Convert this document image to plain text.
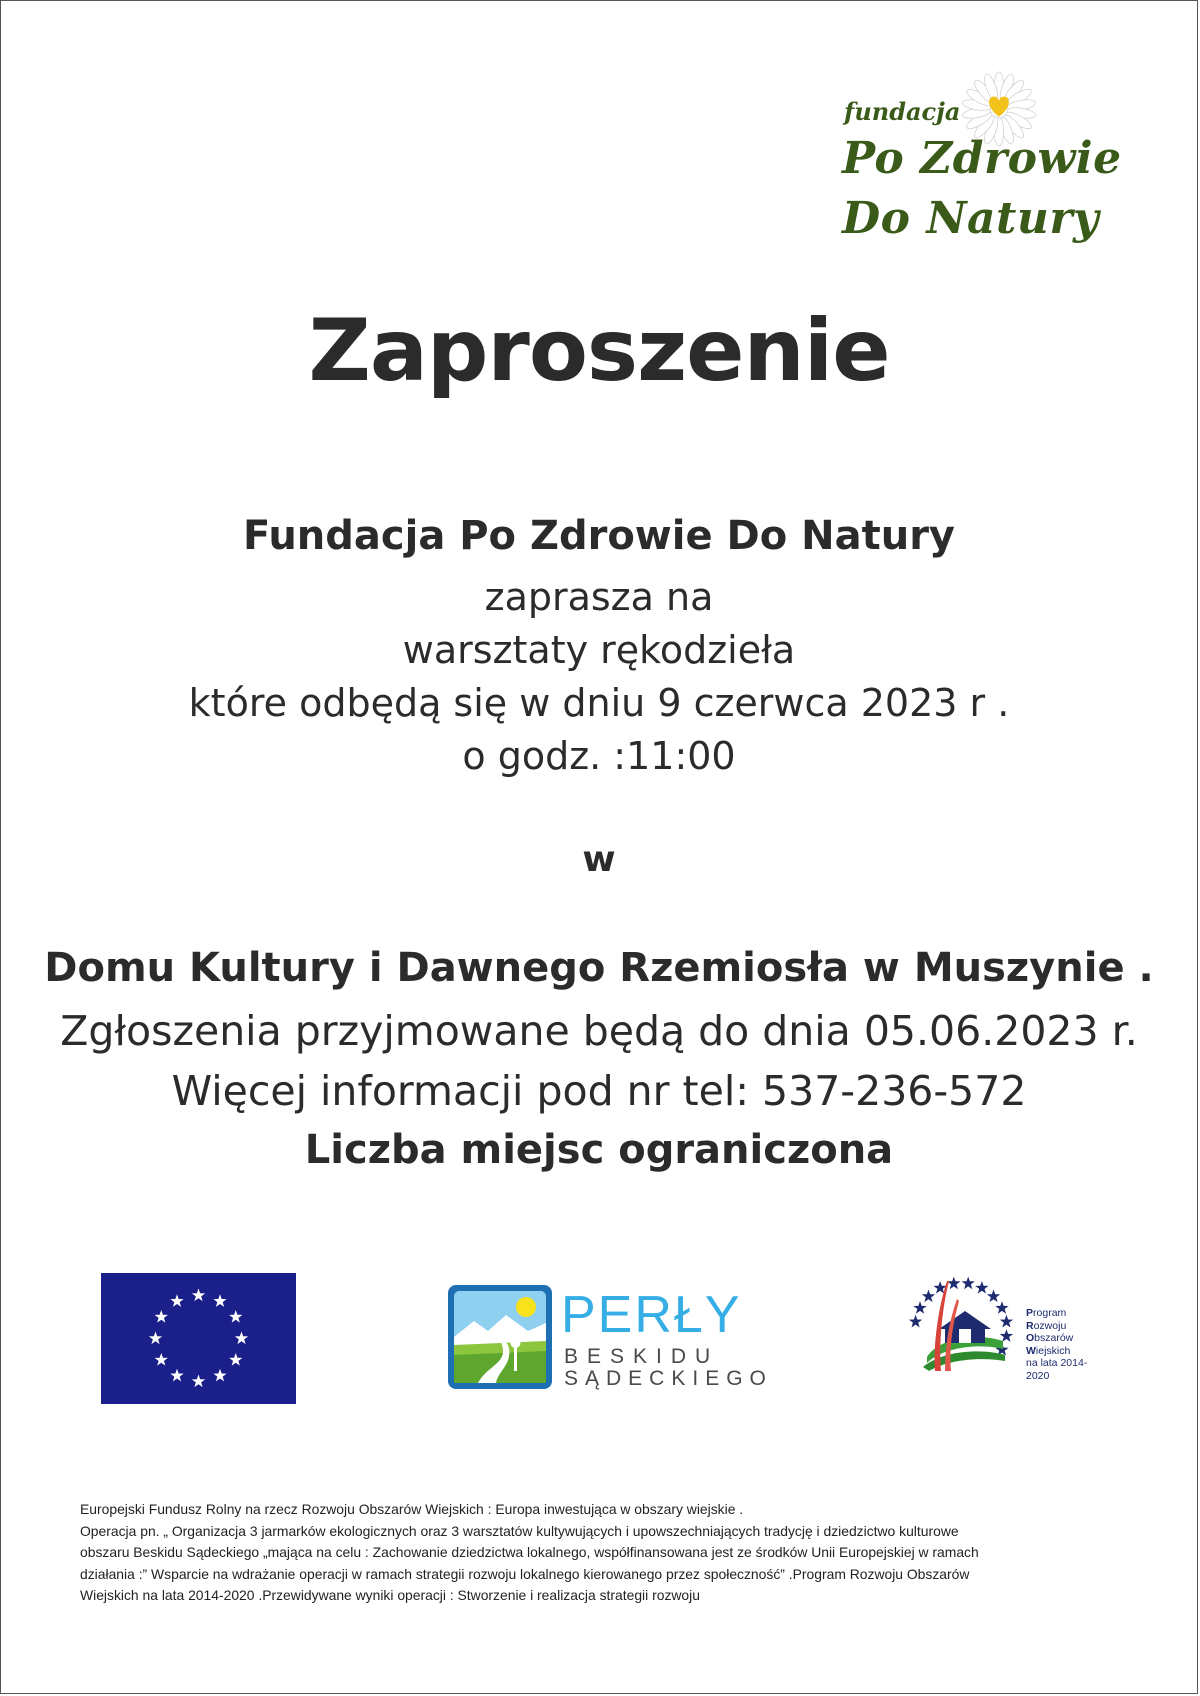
fundacja
Po Zdrowie
Do Natury
Zaproszenie
Fundacja Po Zdrowie Do Natury
zaprasza na
warsztaty rękodzieła
które odbędą się w dniu 9 czerwca 2023 r .
o godz. :11:00
w
Domu Kultury i Dawnego Rzemiosła w Muszynie .
Zgłoszenia przyjmowane będą do dnia 05.06.2023 r.
Więcej informacji pod nr tel: 537-236-572
Liczba miejsc ograniczona
PERŁY
BESKIDU
SĄDECKIEGO
Program
Rozwoju
Obszarów
Wiejskich
na lata 2014-2020
Europejski Fundusz Rolny na rzecz Rozwoju Obszarów Wiejskich : Europa inwestująca w obszary wiejskie .
Operacja pn. „ Organizacja 3 jarmarków ekologicznych oraz 3 warsztatów kultywujących i upowszechniających tradycję i dziedzictwo kulturowe
obszaru Beskidu Sądeckiego „mająca na celu : Zachowanie dziedzictwa lokalnego, współfinansowana jest ze środków Unii Europejskiej w ramach
działania :” Wsparcie na wdrażanie operacji w ramach strategii rozwoju lokalnego kierowanego przez społeczność” .Program Rozwoju Obszarów
Wiejskich na lata 2014-2020 .Przewidywane wyniki operacji : Stworzenie i realizacja strategii rozwoju
